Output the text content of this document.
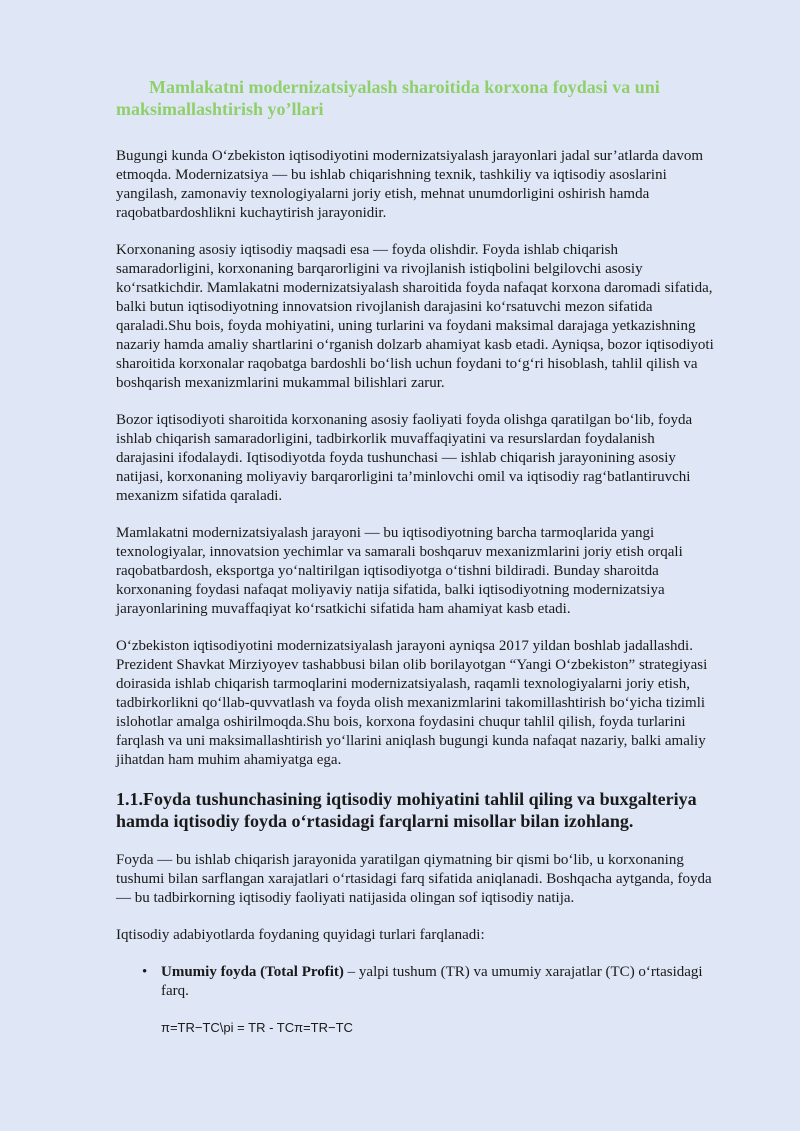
Mamlakatni modernizatsiyalash sharoitida korxona foydasi va uni maksimallashtirish yo’llari

Bugungi kunda O‘zbekiston iqtisodiyotini modernizatsiyalash jarayonlari jadal sur’atlarda davom etmoqda. Modernizatsiya — bu ishlab chiqarishning texnik, tashkiliy va iqtisodiy asoslarini yangilash, zamonaviy texnologiyalarni joriy etish, mehnat unumdorligini oshirish hamda raqobatbardoshlikni kuchaytirish jarayonidir.

Korxonaning asosiy iqtisodiy maqsadi esa — foyda olishdir. Foyda ishlab chiqarish samaradorligini, korxonaning barqarorligini va rivojlanish istiqbolini belgilovchi asosiy ko‘rsatkichdir. Mamlakatni modernizatsiyalash sharoitida foyda nafaqat korxona daromadi sifatida, balki butun iqtisodiyotning innovatsion rivojlanish darajasini ko‘rsatuvchi mezon sifatida qaraladi.Shu bois, foyda mohiyatini, uning turlarini va foydani maksimal darajaga yetkazishning nazariy hamda amaliy shartlarini o‘rganish dolzarb ahamiyat kasb etadi. Ayniqsa, bozor iqtisodiyoti sharoitida korxonalar raqobatga bardoshli bo‘lish uchun foydani to‘g‘ri hisoblash, tahlil qilish va boshqarish mexanizmlarini mukammal bilishlari zarur.

Bozor iqtisodiyoti sharoitida korxonaning asosiy faoliyati foyda olishga qaratilgan bo‘lib, foyda ishlab chiqarish samaradorligini, tadbirkorlik muvaffaqiyatini va resurslardan foydalanish darajasini ifodalaydi. Iqtisodiyotda foyda tushunchasi — ishlab chiqarish jarayonining asosiy natijasi, korxonaning moliyaviy barqarorligini ta’minlovchi omil va iqtisodiy rag‘batlantiruvchi mexanizm sifatida qaraladi.

Mamlakatni modernizatsiyalash jarayoni — bu iqtisodiyotning barcha tarmoqlarida yangi texnologiyalar, innovatsion yechimlar va samarali boshqaruv mexanizmlarini joriy etish orqali raqobatbardosh, eksportga yo‘naltirilgan iqtisodiyotga o‘tishni bildiradi. Bunday sharoitda korxonaning foydasi nafaqat moliyaviy natija sifatida, balki iqtisodiyotning modernizatsiya jarayonlarining muvaffaqiyat ko‘rsatkichi sifatida ham ahamiyat kasb etadi.

O‘zbekiston iqtisodiyotini modernizatsiyalash jarayoni ayniqsa 2017 yildan boshlab jadallashdi. Prezident Shavkat Mirziyoyev tashabbusi bilan olib borilayotgan “Yangi O‘zbekiston” strategiyasi doirasida ishlab chiqarish tarmoqlarini modernizatsiyalash, raqamli texnologiyalarni joriy etish, tadbirkorlikni qo‘llab-quvvatlash va foyda olish mexanizmlarini takomillashtirish bo‘yicha tizimli islohotlar amalga oshirilmoqda.Shu bois, korxona foydasini chuqur tahlil qilish, foyda turlarini farqlash va uni maksimallashtirish yo‘llarini aniqlash bugungi kunda nafaqat nazariy, balki amaliy jihatdan ham muhim ahamiyatga ega.

1.1.Foyda tushunchasining iqtisodiy mohiyatini tahlil qiling va buxgalteriya hamda iqtisodiy foyda o‘rtasidagi farqlarni misollar bilan izohlang.

Foyda — bu ishlab chiqarish jarayonida yaratilgan qiymatning bir qismi bo‘lib, u korxonaning tushumi bilan sarflangan xarajatlari o‘rtasidagi farq sifatida aniqlanadi. Boshqacha aytganda, foyda — bu tadbirkorning iqtisodiy faoliyati natijasida olingan sof iqtisodiy natija.

Iqtisodiy adabiyotlarda foydaning quyidagi turlari farqlanadi:

• Umumiy foyda (Total Profit) – yalpi tushum (TR) va umumiy xarajatlar (TC) o‘rtasidagi farq.
π=TR−TC\pi = TR - TCπ=TR−TC
